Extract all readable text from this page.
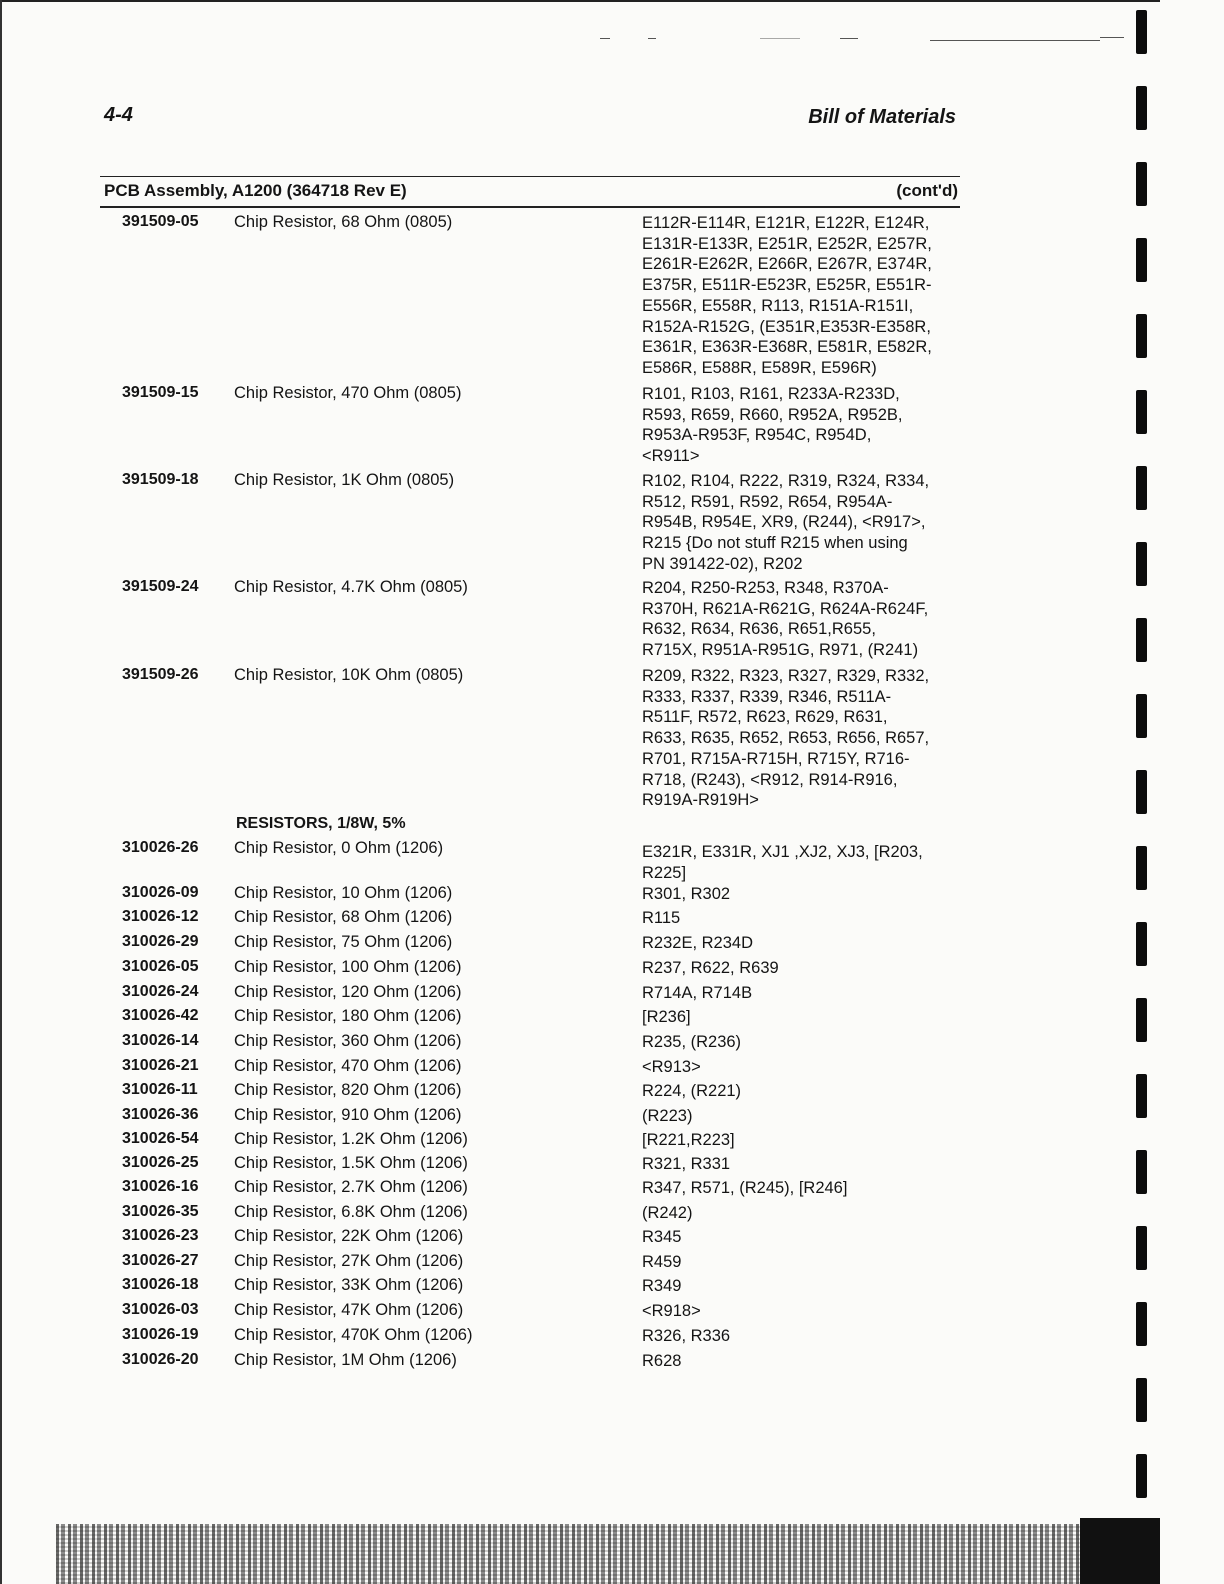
4-4	Bill of Materials
PCB Assembly, A1200 (364718 Rev E)	(cont'd)
RESISTORS, 1/8W, 5%
391509-05 Chip Resistor, 68 Ohm (0805)	E112R-E114R, E121R, E122R, E124R,
E131R-E133R, E251R, E252R, E257R,
E261R-E262R, E266R, E267R, E374R,
E375R, E511R-E523R, E525R, E551R-
E556R, E558R, R113, R151A-R151I,
R152A-R152G, (E351R,E353R-E358R,
E361R, E363R-E368R, E581R, E582R,
E586R, E588R, E589R, E596R)
391509-15 Chip Resistor, 470 Ohm (0805)	R101, R103, R161, R233A-R233D,
R593, R659, R660, R952A, R952B,
R953A-R953F, R954C, R954D,
<R911>
391509-18 Chip Resistor, 1K Ohm (0805)	R102, R104, R222, R319, R324, R334,
R512, R591, R592, R654, R954A-
R954B, R954E, XR9, (R244), <R917>,
R215 {Do not stuff R215 when using
PN 391422-02), R202
391509-24 Chip Resistor, 4.7K Ohm (0805)	R204, R250-R253, R348, R370A-
R370H, R621A-R621G, R624A-R624F,
R632, R634, R636, R651,R655,
R715X, R951A-R951G, R971, (R241)
391509-26 Chip Resistor, 10K Ohm (0805)	R209, R322, R323, R327, R329, R332,
R333, R337, R339, R346, R511A-
R511F, R572, R623, R629, R631,
R633, R635, R652, R653, R656, R657,
R701, R715A-R715H, R715Y, R716-
R718, (R243), <R912, R914-R916,
R919A-R919H>
310026-26 Chip Resistor, 0 Ohm (1206)	E321R, E331R, XJ1 ,XJ2, XJ3, [R203,
R225]
310026-09 Chip Resistor, 10 Ohm (1206)	R301, R302
310026-12 Chip Resistor, 68 Ohm (1206)	R115
310026-29 Chip Resistor, 75 Ohm (1206)	R232E, R234D
310026-05 Chip Resistor, 100 Ohm (1206)	R237, R622, R639
310026-24 Chip Resistor, 120 Ohm (1206)	R714A, R714B
310026-42 Chip Resistor, 180 Ohm (1206)	[R236]
310026-14 Chip Resistor, 360 Ohm (1206)	R235, (R236)
310026-21 Chip Resistor, 470 Ohm (1206)	<R913>
310026-11 Chip Resistor, 820 Ohm (1206)	R224, (R221)
310026-36 Chip Resistor, 910 Ohm (1206)	(R223)
310026-54 Chip Resistor, 1.2K Ohm (1206)	[R221,R223]
310026-25 Chip Resistor, 1.5K Ohm (1206)	R321, R331
310026-16 Chip Resistor, 2.7K Ohm (1206)	R347, R571, (R245), [R246]
310026-35 Chip Resistor, 6.8K Ohm (1206)	(R242)
310026-23 Chip Resistor, 22K Ohm (1206)	R345
310026-27 Chip Resistor, 27K Ohm (1206)	R459
310026-18 Chip Resistor, 33K Ohm (1206)	R349
310026-03 Chip Resistor, 47K Ohm (1206)	<R918>
310026-19 Chip Resistor, 470K Ohm (1206)	R326, R336
310026-20 Chip Resistor, 1M Ohm (1206)	R628
